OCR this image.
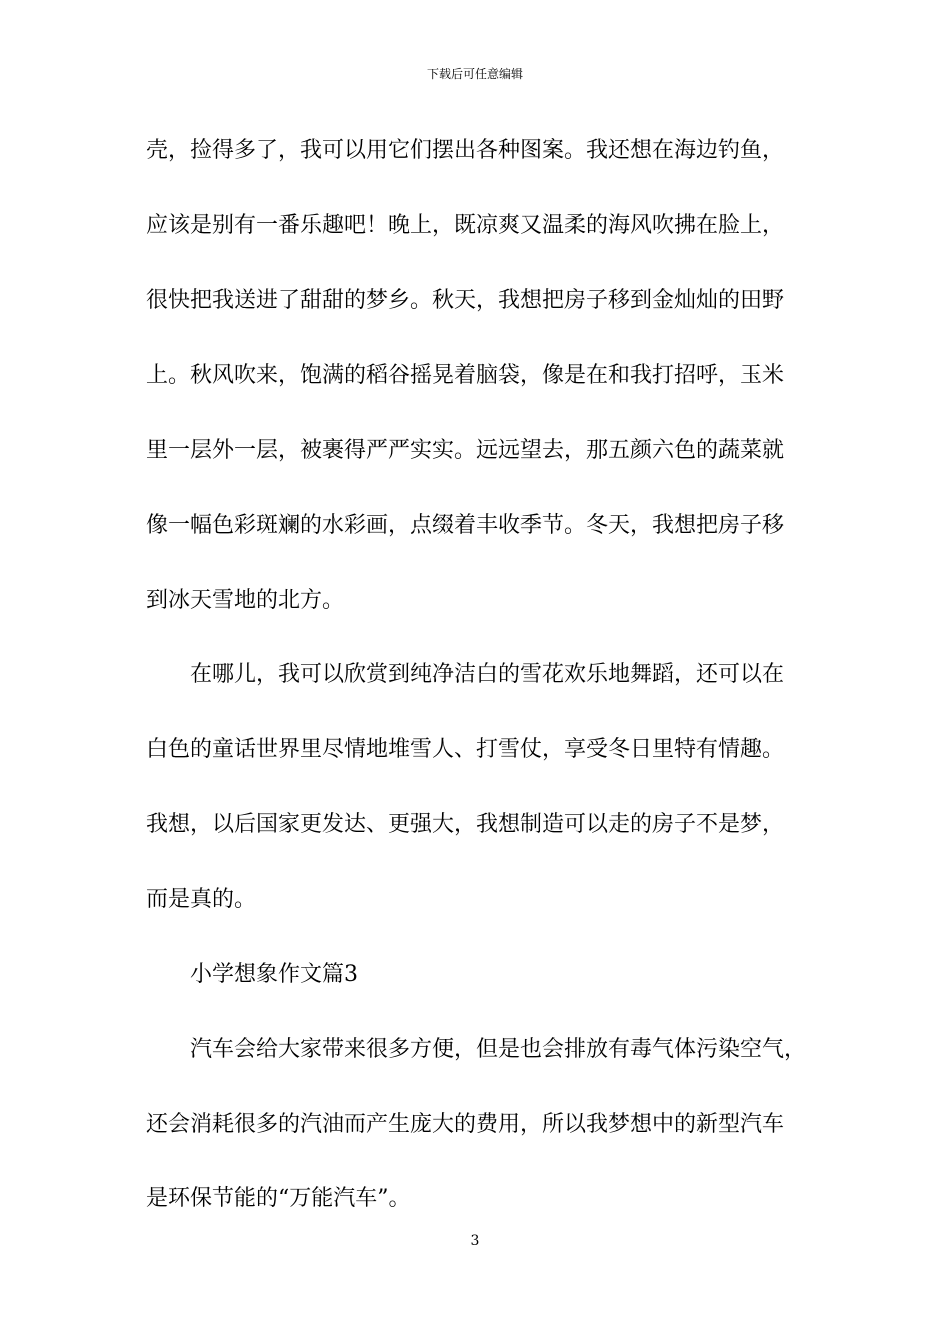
下载后可任意编辑
壳，捡得多了，我可以用它们摆出各种图案。我还想在海边钓鱼，
应该是别有一番乐趣吧！晚上，既凉爽又温柔的海风吹拂在脸上，
很快把我送进了甜甜的梦乡。秋天，我想把房子移到金灿灿的田野
上。秋风吹来，饱满的稻谷摇晃着脑袋，像是在和我打招呼，玉米
里一层外一层，被裹得严严实实。远远望去，那五颜六色的蔬菜就
像一幅色彩斑斓的水彩画，点缀着丰收季节。冬天，我想把房子移
到冰天雪地的北方。
在哪儿，我可以欣赏到纯净洁白的雪花欢乐地舞蹈，还可以在
白色的童话世界里尽情地堆雪人、打雪仗，享受冬日里特有情趣。
我想，以后国家更发达、更强大，我想制造可以走的房子不是梦，
而是真的。
小学想象作文篇3
汽车会给大家带来很多方便，但是也会排放有毒气体污染空气，
还会消耗很多的汽油而产生庞大的费用，所以我梦想中的新型汽车
是环保节能的“万能汽车”。
3
